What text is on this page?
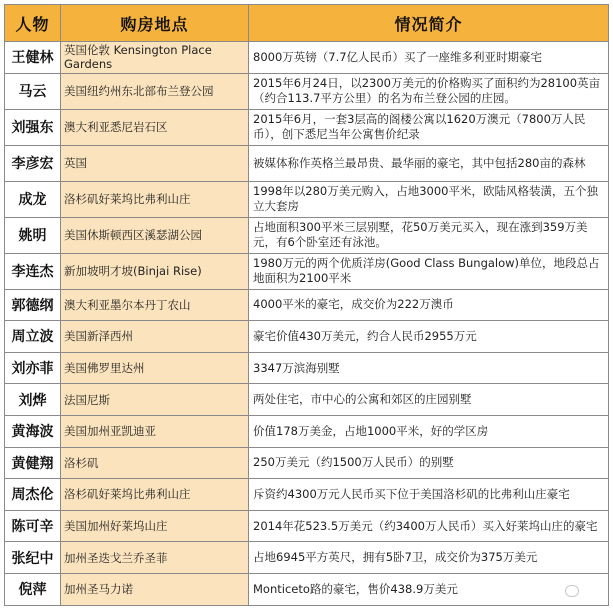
人物	购房地点	情况简介
王健林	英国伦敦 Kensington Place Gardens	8000万英镑（7.7亿人民币）买了一座维多利亚时期豪宅
马云	美国纽约州东北部布兰登公园	2015年6月24日，以2300万美元的价格购买了面积约为28100英亩（约合113.7平方公里）的名为布兰登公园的庄园。
刘强东	澳大利亚悉尼岩石区	2015年6月，一套3层高的阁楼公寓以1620万澳元（7800万人民币），创下悉尼当年公寓售价纪录
李彦宏	英国	被媒体称作英格兰最昂贵、最华丽的豪宅，其中包括280亩的森林
成龙	洛杉矶好莱坞比弗利山庄	1998年以280万美元购入，占地3000平米，欧陆风格装潢，五个独立大套房
姚明	美国休斯顿西区溪瑟湖公园	占地面积300平米三层别墅，花50万美元买入，现在涨到359万美元，有6个卧室还有泳池。
李连杰	新加坡明才坡(Binjai Rise)	1980万元的两个优质洋房(Good Class Bungalow)单位，地段总占地面积为2100平米
郭德纲	澳大利亚墨尔本丹丁农山	4000平米的豪宅，成交价为222万澳币
周立波	美国新泽西州	豪宅价值430万美元，约合人民币2955万元
刘亦菲	美国佛罗里达州	3347万滨海别墅
刘烨	法国尼斯	两处住宅，市中心的公寓和郊区的庄园别墅
黄海波	美国加州亚凯迪亚	价值178万美金，占地1000平米，好的学区房
黄健翔	洛杉矶	250万美元（约1500万人民币）的别墅
周杰伦	洛杉矶好莱坞比弗利山庄	斥资约4300万元人民币买下位于美国洛杉矶的比弗利山庄豪宅
陈可辛	美国加州好莱坞山庄	2014年花523.5万美元（约3400万人民币）买入好莱坞山庄的豪宅
张纪中	加州圣迭戈兰乔圣菲	占地6945平方英尺，拥有5卧7卫，成交价为375万美元
倪萍	加州圣马力诺	Monticeto路的豪宅，售价438.9万美元
